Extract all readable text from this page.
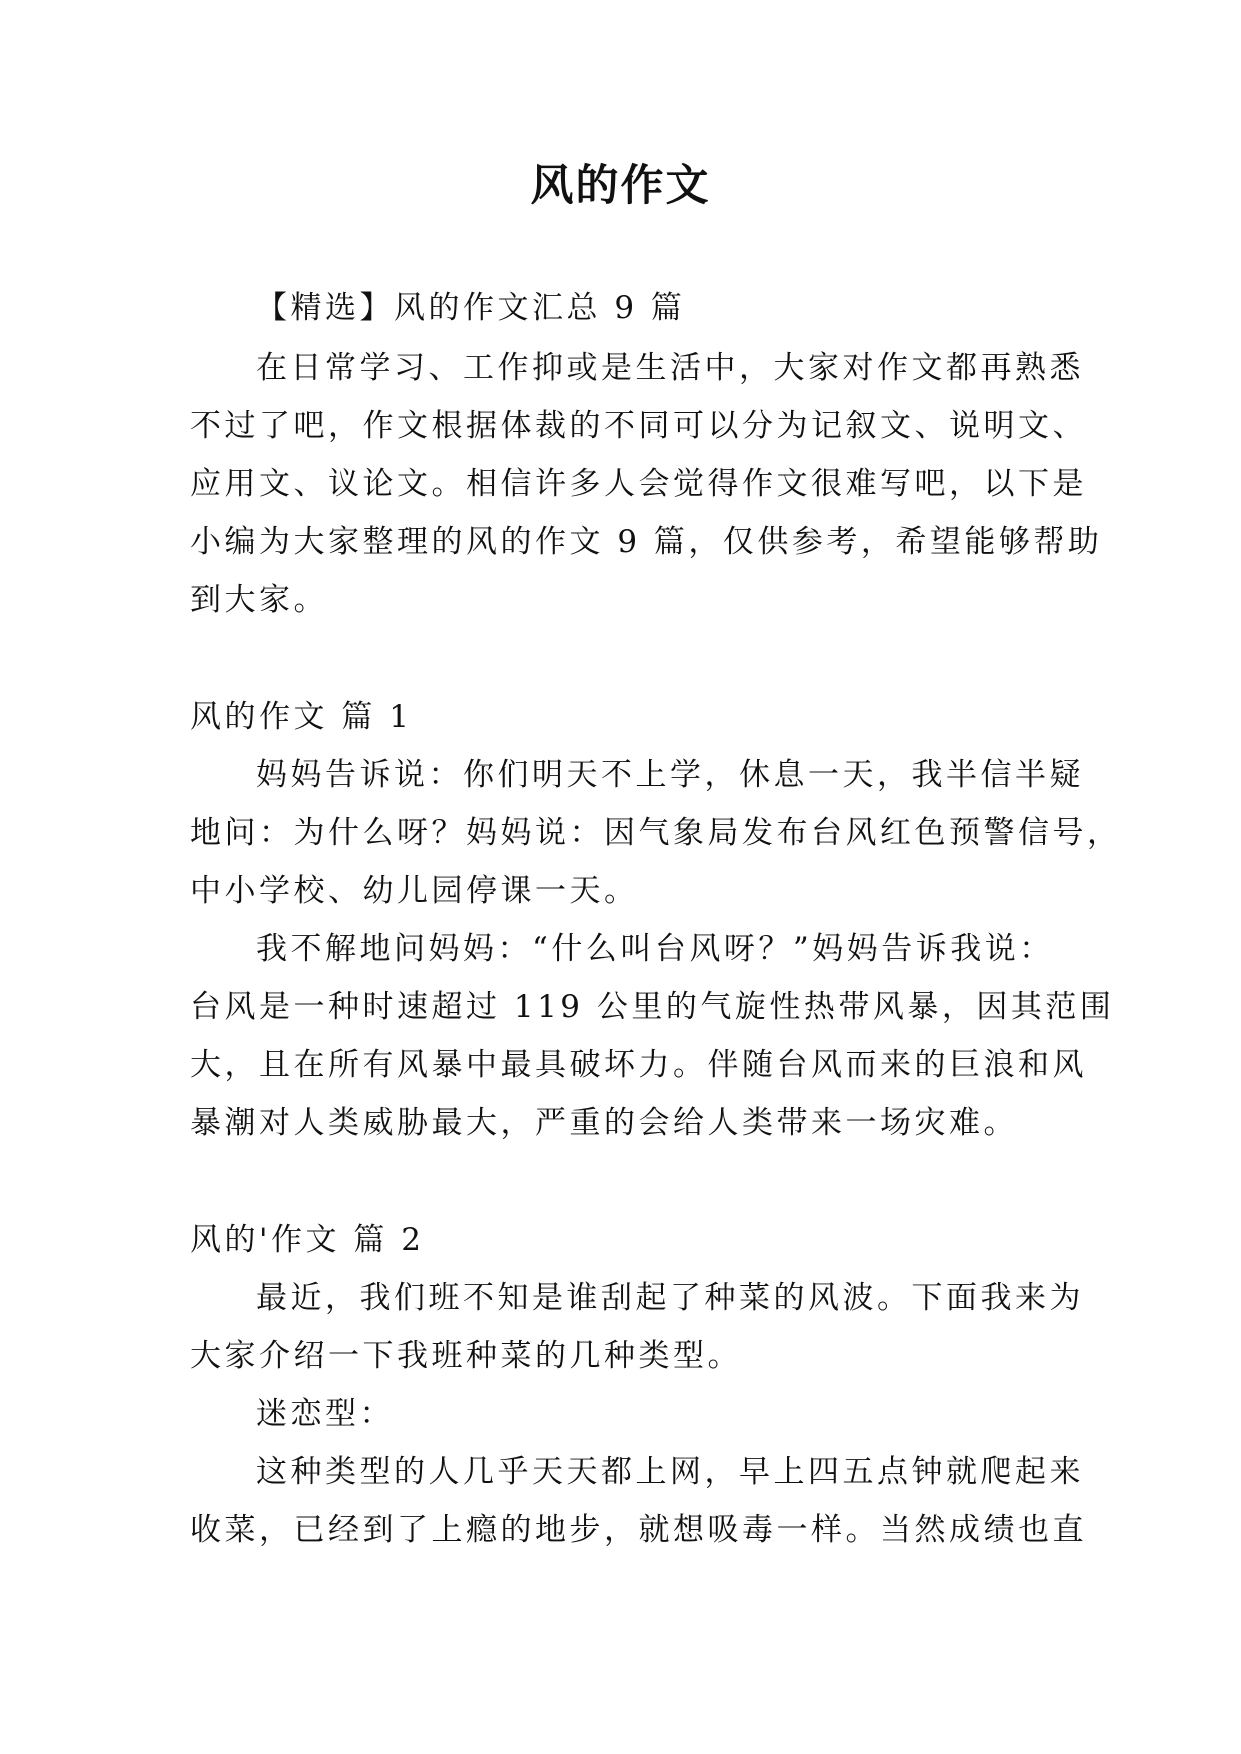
风的作文
【精选】风的作文汇总 9 篇
在日常学习、工作抑或是生活中，大家对作文都再熟悉
不过了吧，作文根据体裁的不同可以分为记叙文、说明文、
应用文、议论文。相信许多人会觉得作文很难写吧，以下是
小编为大家整理的风的作文 9 篇，仅供参考，希望能够帮助
到大家。
风的作文 篇 1
妈妈告诉说：你们明天不上学，休息一天，我半信半疑
地问：为什么呀？妈妈说：因气象局发布台风红色预警信号，
中小学校、幼儿园停课一天。
我不解地问妈妈：“什么叫台风呀？”妈妈告诉我说：
台风是一种时速超过 119 公里的气旋性热带风暴，因其范围
大，且在所有风暴中最具破坏力。伴随台风而来的巨浪和风
暴潮对人类威胁最大，严重的会给人类带来一场灾难。
风的'作文 篇 2
最近，我们班不知是谁刮起了种菜的风波。下面我来为
大家介绍一下我班种菜的几种类型。
迷恋型：
这种类型的人几乎天天都上网，早上四五点钟就爬起来
收菜，已经到了上瘾的地步，就想吸毒一样。当然成绩也直
